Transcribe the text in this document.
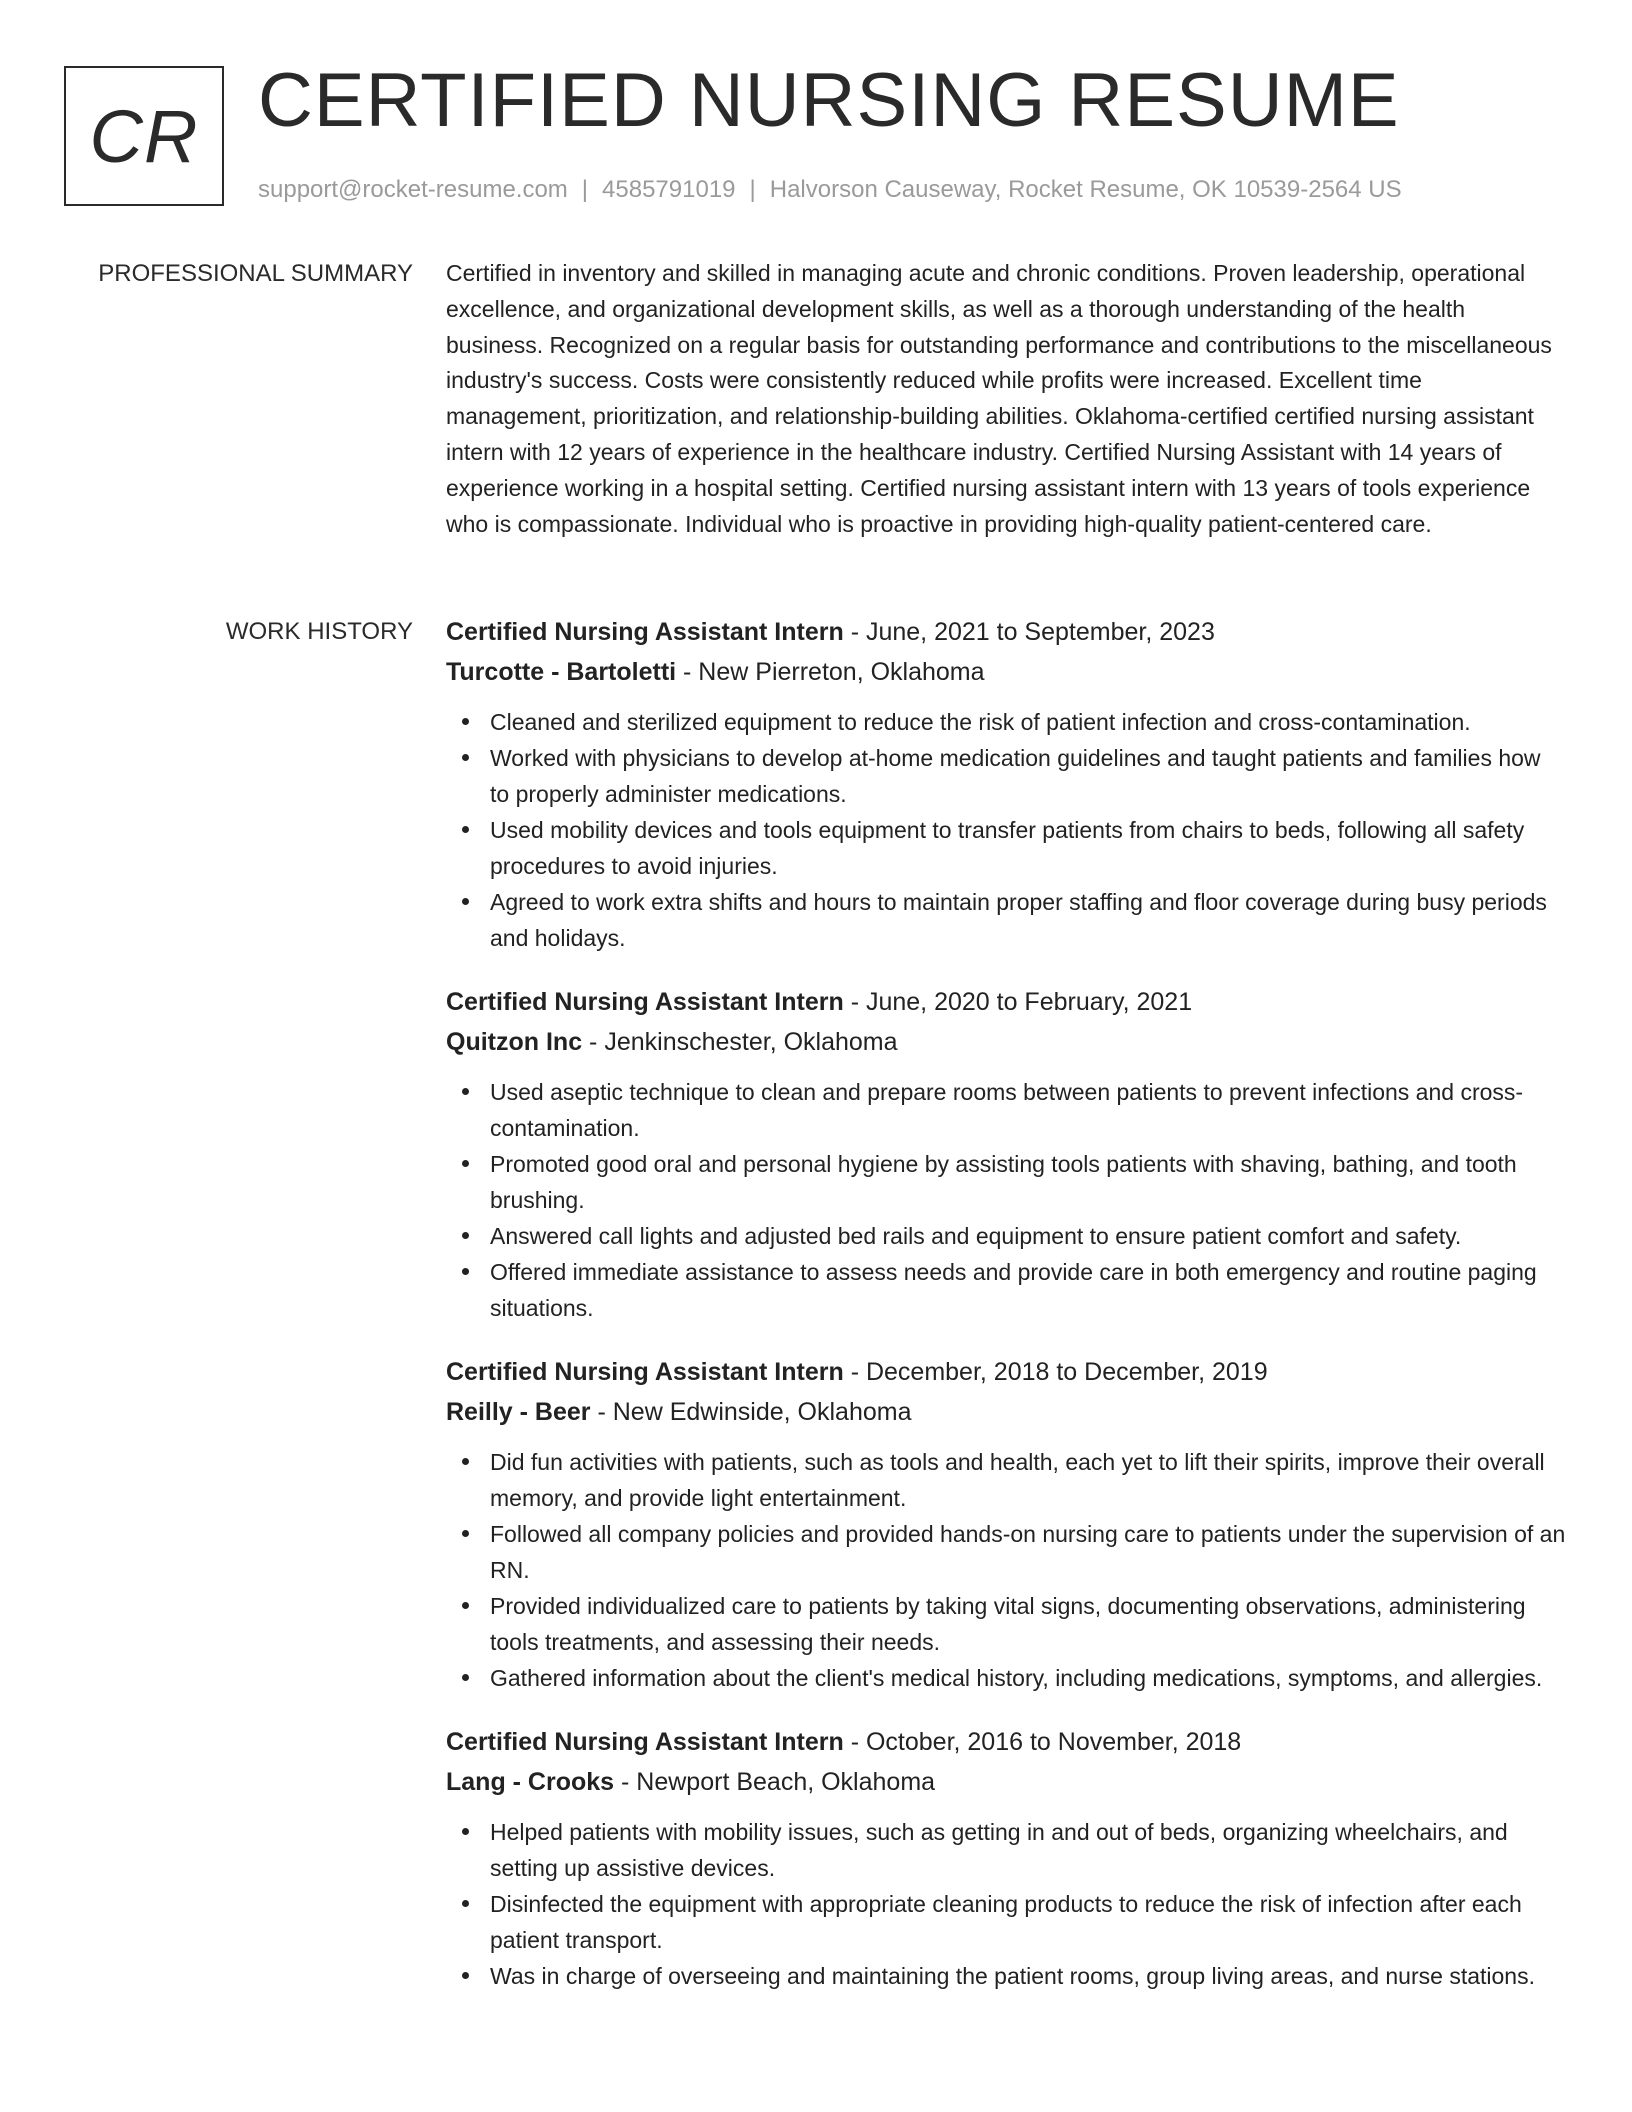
CR CERTIFIED NURSING RESUME
support@rocket-resume.com | 4585791019 | Halvorson Causeway, Rocket Resume, OK 10539-2564 US
PROFESSIONAL SUMMARY Certified in inventory and skilled in managing acute and chronic conditions. Proven leadership, operational excellence, and organizational development skills, as well as a thorough understanding of the health business. Recognized on a regular basis for outstanding performance and contributions to the miscellaneous industry's success. Costs were consistently reduced while profits were increased. Excellent time management, prioritization, and relationship-building abilities. Oklahoma-certified certified nursing assistant intern with 12 years of experience in the healthcare industry. Certified Nursing Assistant with 14 years of experience working in a hospital setting. Certified nursing assistant intern with 13 years of tools experience who is compassionate. Individual who is proactive in providing high-quality patient-centered care.

WORK HISTORY Certified Nursing Assistant Intern - June, 2021 to September, 2023
Turcotte - Bartoletti - New Pierreton, Oklahoma
Cleaned and sterilized equipment to reduce the risk of patient infection and cross-contamination.
Worked with physicians to develop at-home medication guidelines and taught patients and families how to properly administer medications.
Used mobility devices and tools equipment to transfer patients from chairs to beds, following all safety procedures to avoid injuries.
Agreed to work extra shifts and hours to maintain proper staffing and floor coverage during busy periods and holidays.
Certified Nursing Assistant Intern - June, 2020 to February, 2021
Quitzon Inc - Jenkinschester, Oklahoma
Used aseptic technique to clean and prepare rooms between patients to prevent infections and cross-contamination.
Promoted good oral and personal hygiene by assisting tools patients with shaving, bathing, and tooth brushing.
Answered call lights and adjusted bed rails and equipment to ensure patient comfort and safety.
Offered immediate assistance to assess needs and provide care in both emergency and routine paging situations.
Certified Nursing Assistant Intern - December, 2018 to December, 2019
Reilly - Beer - New Edwinside, Oklahoma
Did fun activities with patients, such as tools and health, each yet to lift their spirits, improve their overall memory, and provide light entertainment.
Followed all company policies and provided hands-on nursing care to patients under the supervision of an RN.
Provided individualized care to patients by taking vital signs, documenting observations, administering tools treatments, and assessing their needs.
Gathered information about the client's medical history, including medications, symptoms, and allergies.
Certified Nursing Assistant Intern - October, 2016 to November, 2018
Lang - Crooks - Newport Beach, Oklahoma
Helped patients with mobility issues, such as getting in and out of beds, organizing wheelchairs, and setting up assistive devices.
Disinfected the equipment with appropriate cleaning products to reduce the risk of infection after each patient transport.
Was in charge of overseeing and maintaining the patient rooms, group living areas, and nurse stations.
